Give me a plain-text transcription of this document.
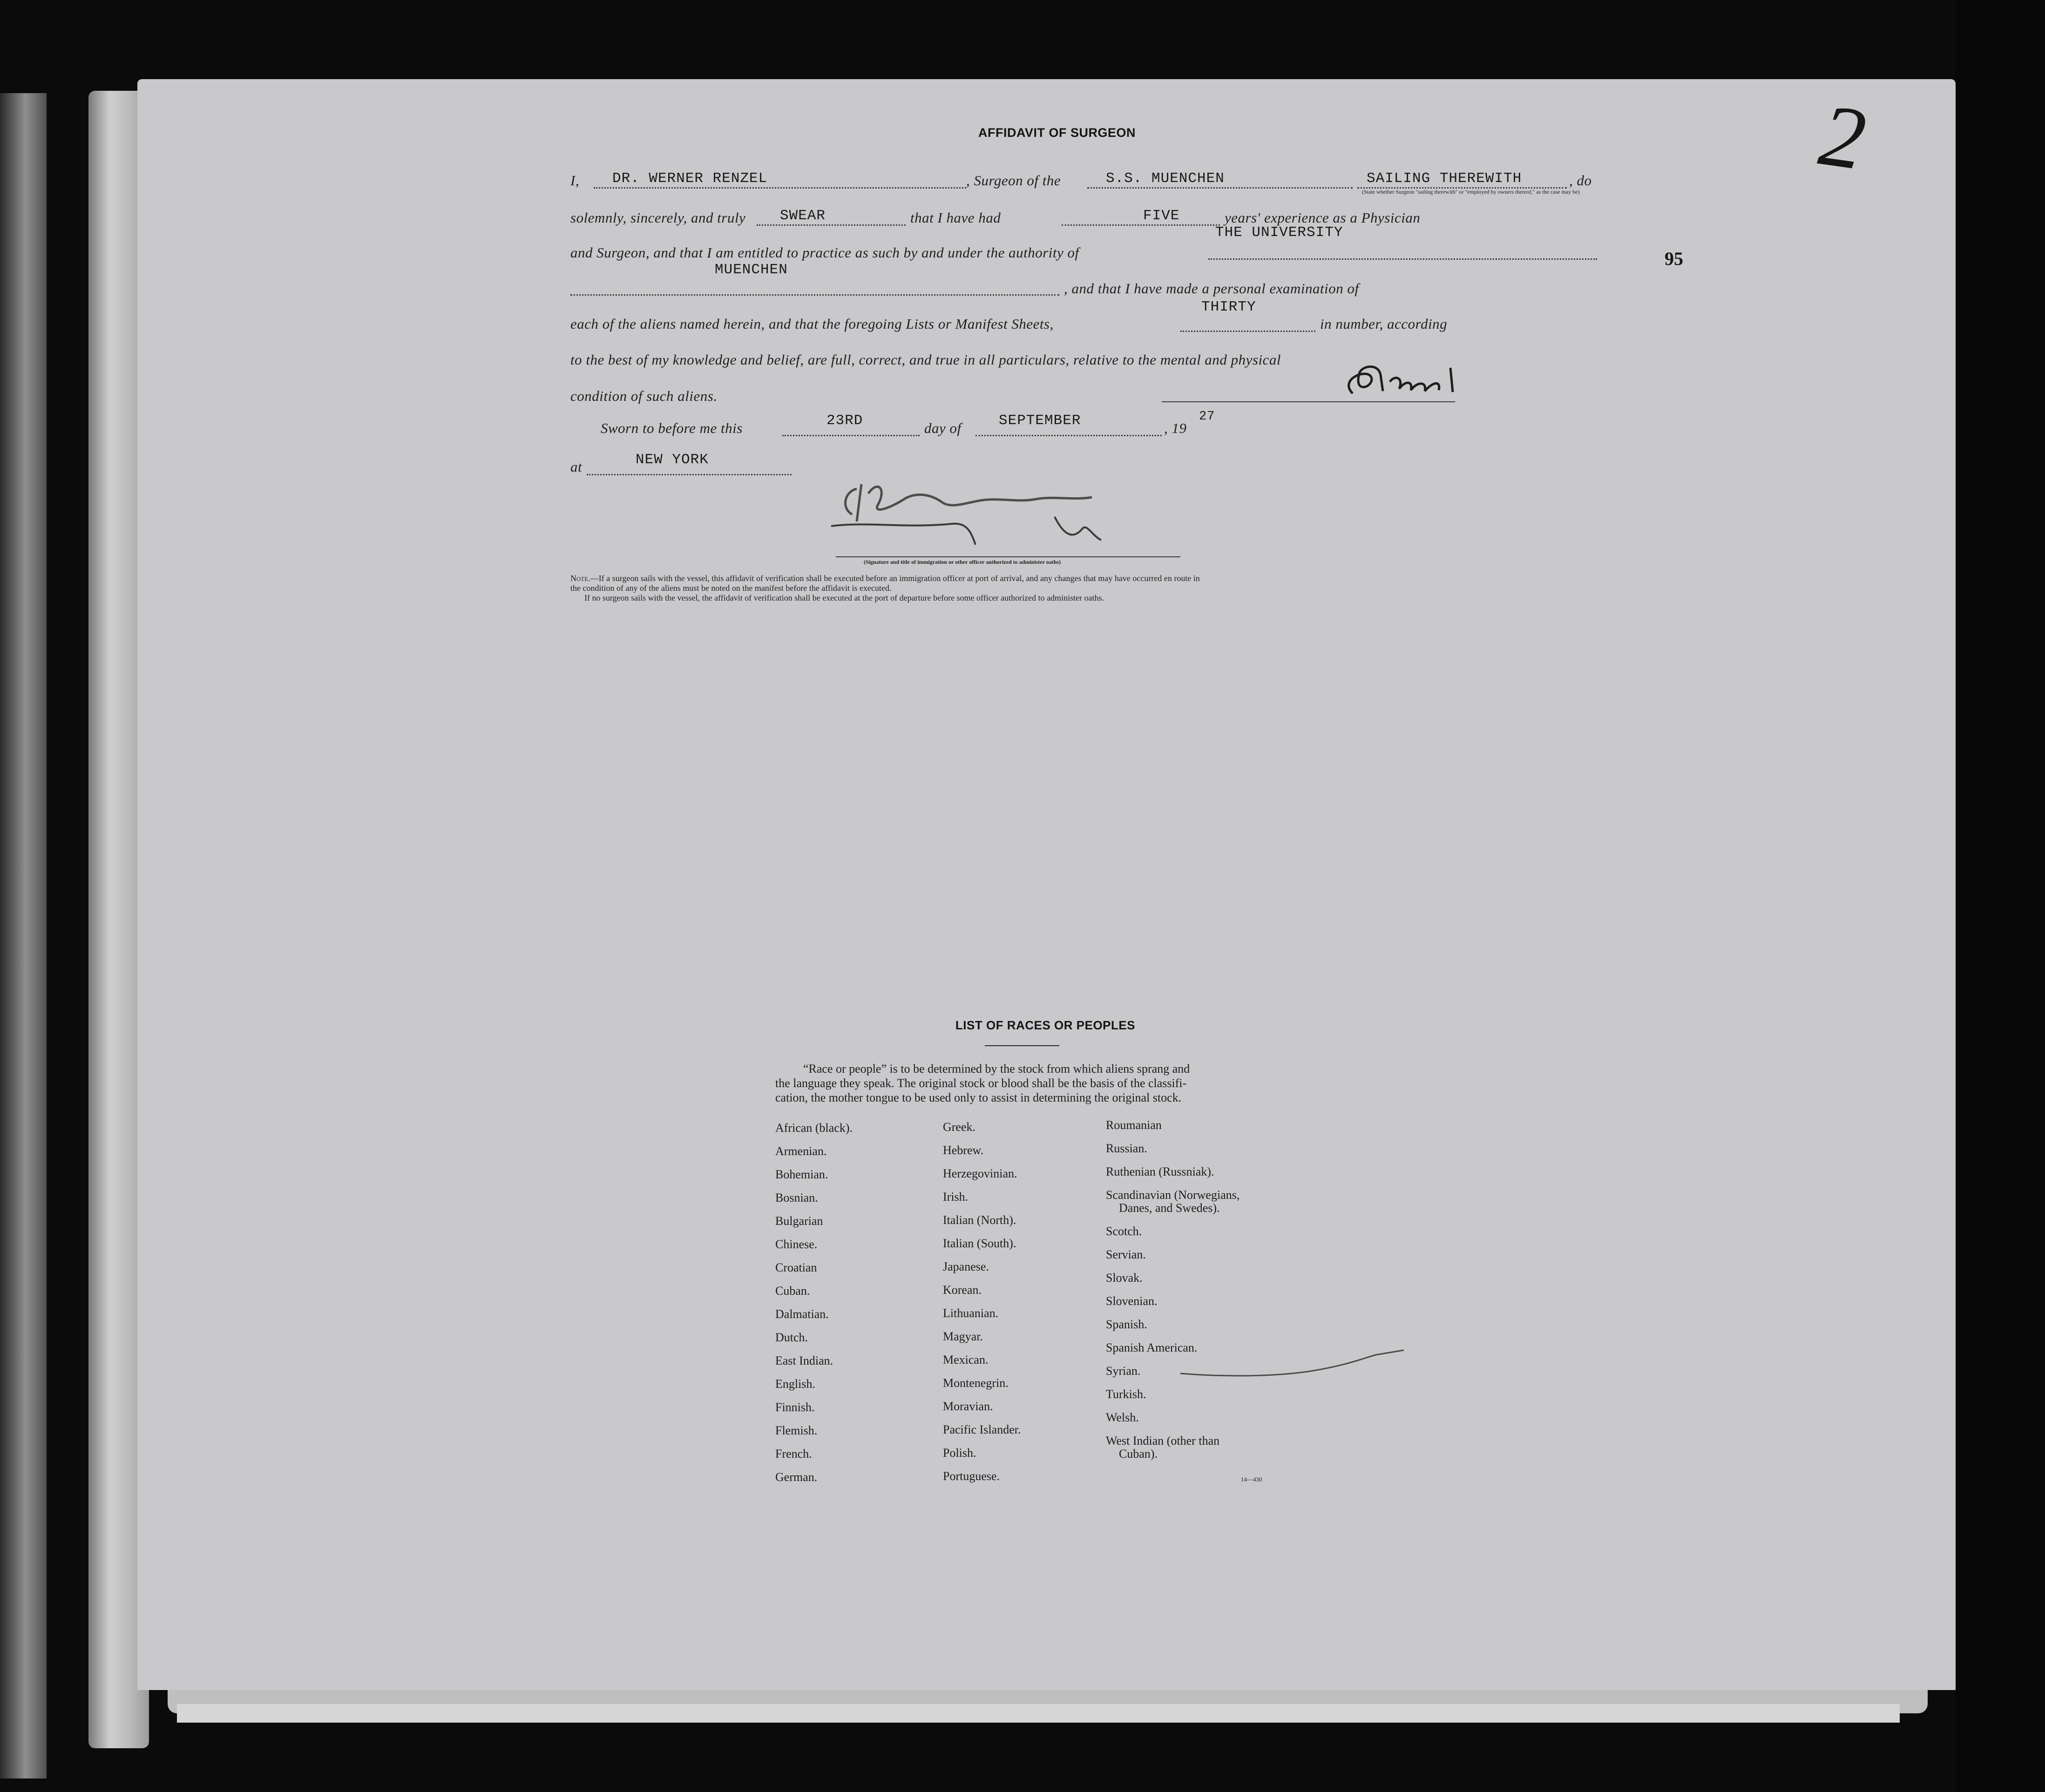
2
95
AFFIDAVIT OF SURGEON
I, DR. WERNER RENZEL	, Surgeon of the	S.S. MUENCHEN	SAILING THEREWITH	, do
(State whether Surgeon "sailing therewith" or "employed by owners thereof," as the case may be)
solemnly, sincerely, and truly SWEAR	that I have had	FIVE	years' experience as a Physician
and Surgeon, and that I am entitled to practice as such by and under the authority of
THE UNIVERSITY
MUENCHEN
, and that I have made a personal examination of
each of the aliens named herein, and that the foregoing Lists or Manifest Sheets,
THIRTY
in number, according
to the best of my knowledge and belief, are full, correct, and true in all particulars, relative to the mental and physical
condition of such aliens.
Sworn to before me this	23RD	day of	SEPTEMBER	, 19
27
at	NEW YORK
(Signature and title of immigration or other officer authorized to administer oaths)
Note.—If a surgeon sails with the vessel, this affidavit of verification shall be executed before an immigration officer at port of arrival, and any changes that may have occurred en route in
the condition of any of the aliens must be noted on the manifest before the affidavit is executed.
If no surgeon sails with the vessel, the affidavit of verification shall be executed at the port of departure before some officer authorized to administer oaths.
LIST OF RACES OR PEOPLES
“Race or people” is to be determined by the stock from which aliens sprang and
the language they speak. The original stock or blood shall be the basis of the classifi-
cation, the mother tongue to be used only to assist in determining the original stock.
African (black).
Armenian.
Bohemian.
Bosnian.
Bulgarian
Chinese.
Croatian
Cuban.
Dalmatian.
Dutch.
East Indian.
English.
Finnish.
Flemish.
French.
German.
Greek.
Hebrew.
Herzegovinian.
Irish.
Italian (North).
Italian (South).
Japanese.
Korean.
Lithuanian.
Magyar.
Mexican.
Montenegrin.
Moravian.
Pacific Islander.
Polish.
Portuguese.
Roumanian
Russian.
Ruthenian (Russniak).
Scandinavian (Norwegians,
Danes, and Swedes).
Scotch.
Servian.
Slovak.
Slovenian.
Spanish.
Spanish American.
Syrian.
Turkish.
Welsh.
West Indian (other than
Cuban).
14—430
